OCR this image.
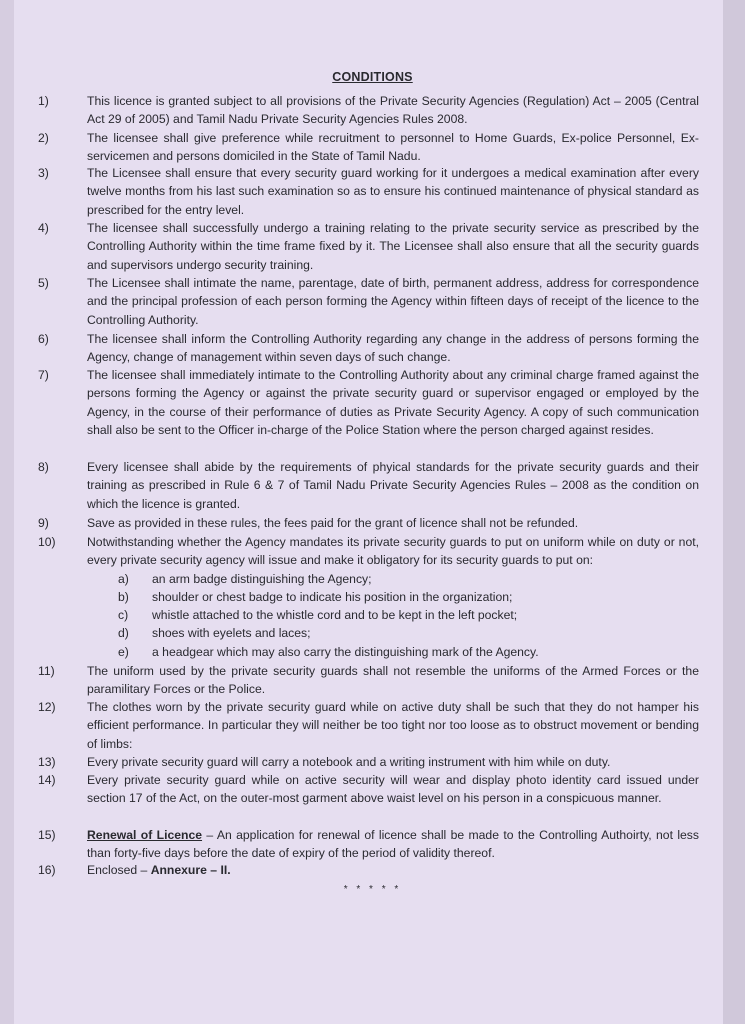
CONDITIONS
1)	This licence is granted subject to all provisions of the Private Security Agencies (Regulation) Act – 2005 (Central Act 29 of 2005) and Tamil Nadu Private Security Agencies Rules 2008.
2)	The licensee shall give preference while recruitment to personnel to Home Guards, Ex-police Personnel, Ex-servicemen and persons domiciled in the State of Tamil Nadu.
3)	The Licensee shall ensure that every security guard working for it undergoes a medical examination after every twelve months from his last such examination so as to ensure his continued maintenance of physical standard as prescribed for the entry level.
4)	The licensee shall successfully undergo a training relating to the private security service as prescribed by the Controlling Authority within the time frame fixed by it. The Licensee shall also ensure that all the security guards and supervisors undergo security training.
5)	The Licensee shall intimate the name, parentage, date of birth, permanent address, address for correspondence and the principal profession of each person forming the Agency within fifteen days of receipt of the licence to the Controlling Authority.
6)	The licensee shall inform the Controlling Authority regarding any change in the address of persons forming the Agency, change of management within seven days of such change.
7)	The licensee shall immediately intimate to the Controlling Authority about any criminal charge framed against the persons forming the Agency or against the private security guard or supervisor engaged or employed by the Agency, in the course of their performance of duties as Private Security Agency. A copy of such communication shall also be sent to the Officer in-charge of the Police Station where the person charged against resides.
8)	Every licensee shall abide by the requirements of phyical standards for the private security guards and their training as prescribed in Rule 6 & 7 of Tamil Nadu Private Security Agencies Rules – 2008 as the condition on which the licence is granted.
9)	Save as provided in these rules, the fees paid for the grant of licence shall not be refunded.
10)	Notwithstanding whether the Agency mandates its private security guards to put on uniform while on duty or not, every private security agency will issue and make it obligatory for its security guards to put on:
a) an arm badge distinguishing the Agency;
b) shoulder or chest badge to indicate his position in the organization;
c) whistle attached to the whistle cord and to be kept in the left pocket;
d) shoes with eyelets and laces;
e) a headgear which may also carry the distinguishing mark of the Agency.
11)	The uniform used by the private security guards shall not resemble the uniforms of the Armed Forces or the paramilitary Forces or the Police.
12)	The clothes worn by the private security guard while on active duty shall be such that they do not hamper his efficient performance. In particular they will neither be too tight nor too loose as to obstruct movement or bending of limbs:
13)	Every private security guard will carry a notebook and a writing instrument with him while on duty.
14)	Every private security guard while on active security will wear and display photo identity card issued under section 17 of the Act, on the outer-most garment above waist level on his person in a conspicuous manner.
15)	Renewal of Licence – An application for renewal of licence shall be made to the Controlling Authoirty, not less than forty-five days before the date of expiry of the period of validity thereof.
16)	Enclosed – Annexure – II.
* * * * *
